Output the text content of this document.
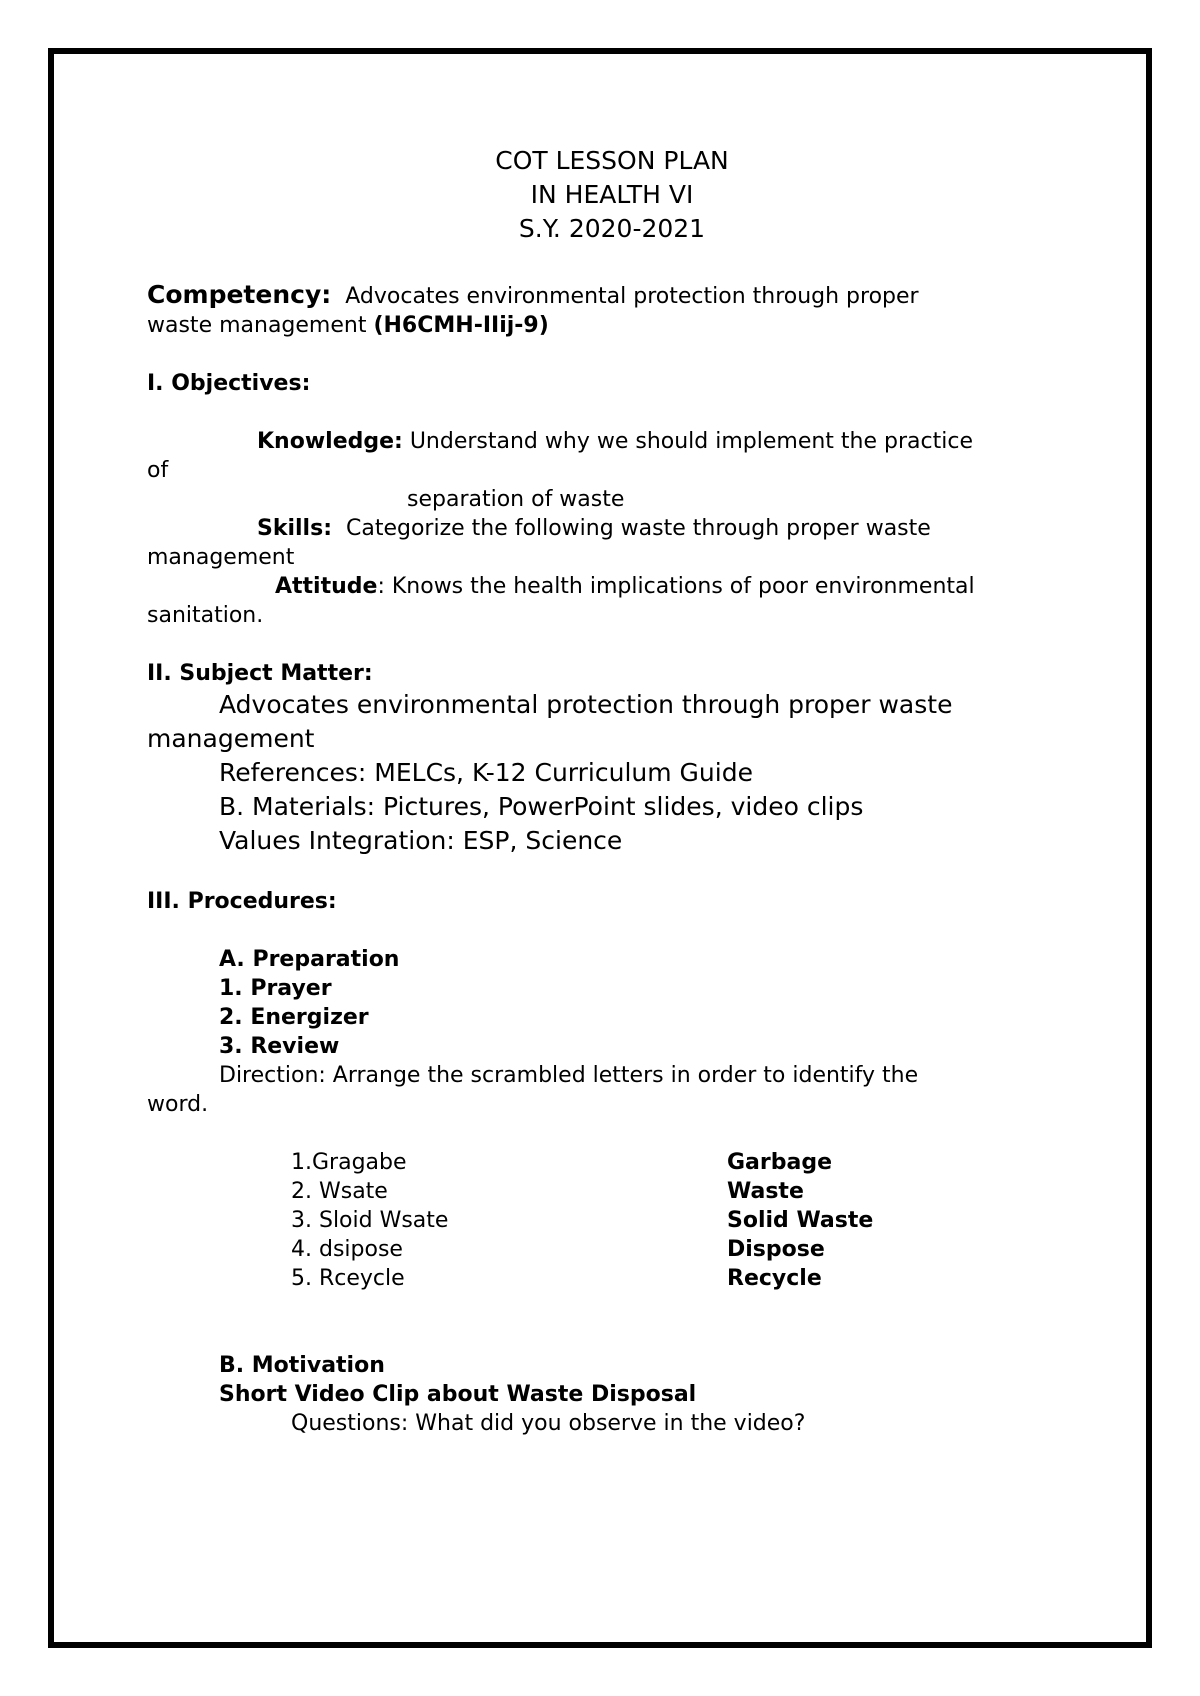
COT LESSON PLAN
IN HEALTH VI
S.Y. 2020-2021

Competency: Advocates environmental protection through proper

waste management (H6CMH-IIij-9)

I. Objectives:

Knowledge: Understand why we should implement the practice

of

separation of waste

Skills: Categorize the following waste through proper waste

management

Attitude: Knows the health implications of poor environmental

sanitation.

II. Subject Matter:

Advocates environmental protection through proper waste

management

References: MELCs, K-12 Curriculum Guide

B. Materials: Pictures, PowerPoint slides, video clips

Values Integration: ESP, Science

III. Procedures:

A. Preparation

1. Prayer

2. Energizer

3. Review

Direction: Arrange the scrambled letters in order to identify the

word.

1.Gragabe	Garbage
2. Wsate	Waste
3. Sloid Wsate	Solid Waste
4. dsipose	Dispose
5. Rceycle	Recycle

B. Motivation

Short Video Clip about Waste Disposal

Questions: What did you observe in the video?
